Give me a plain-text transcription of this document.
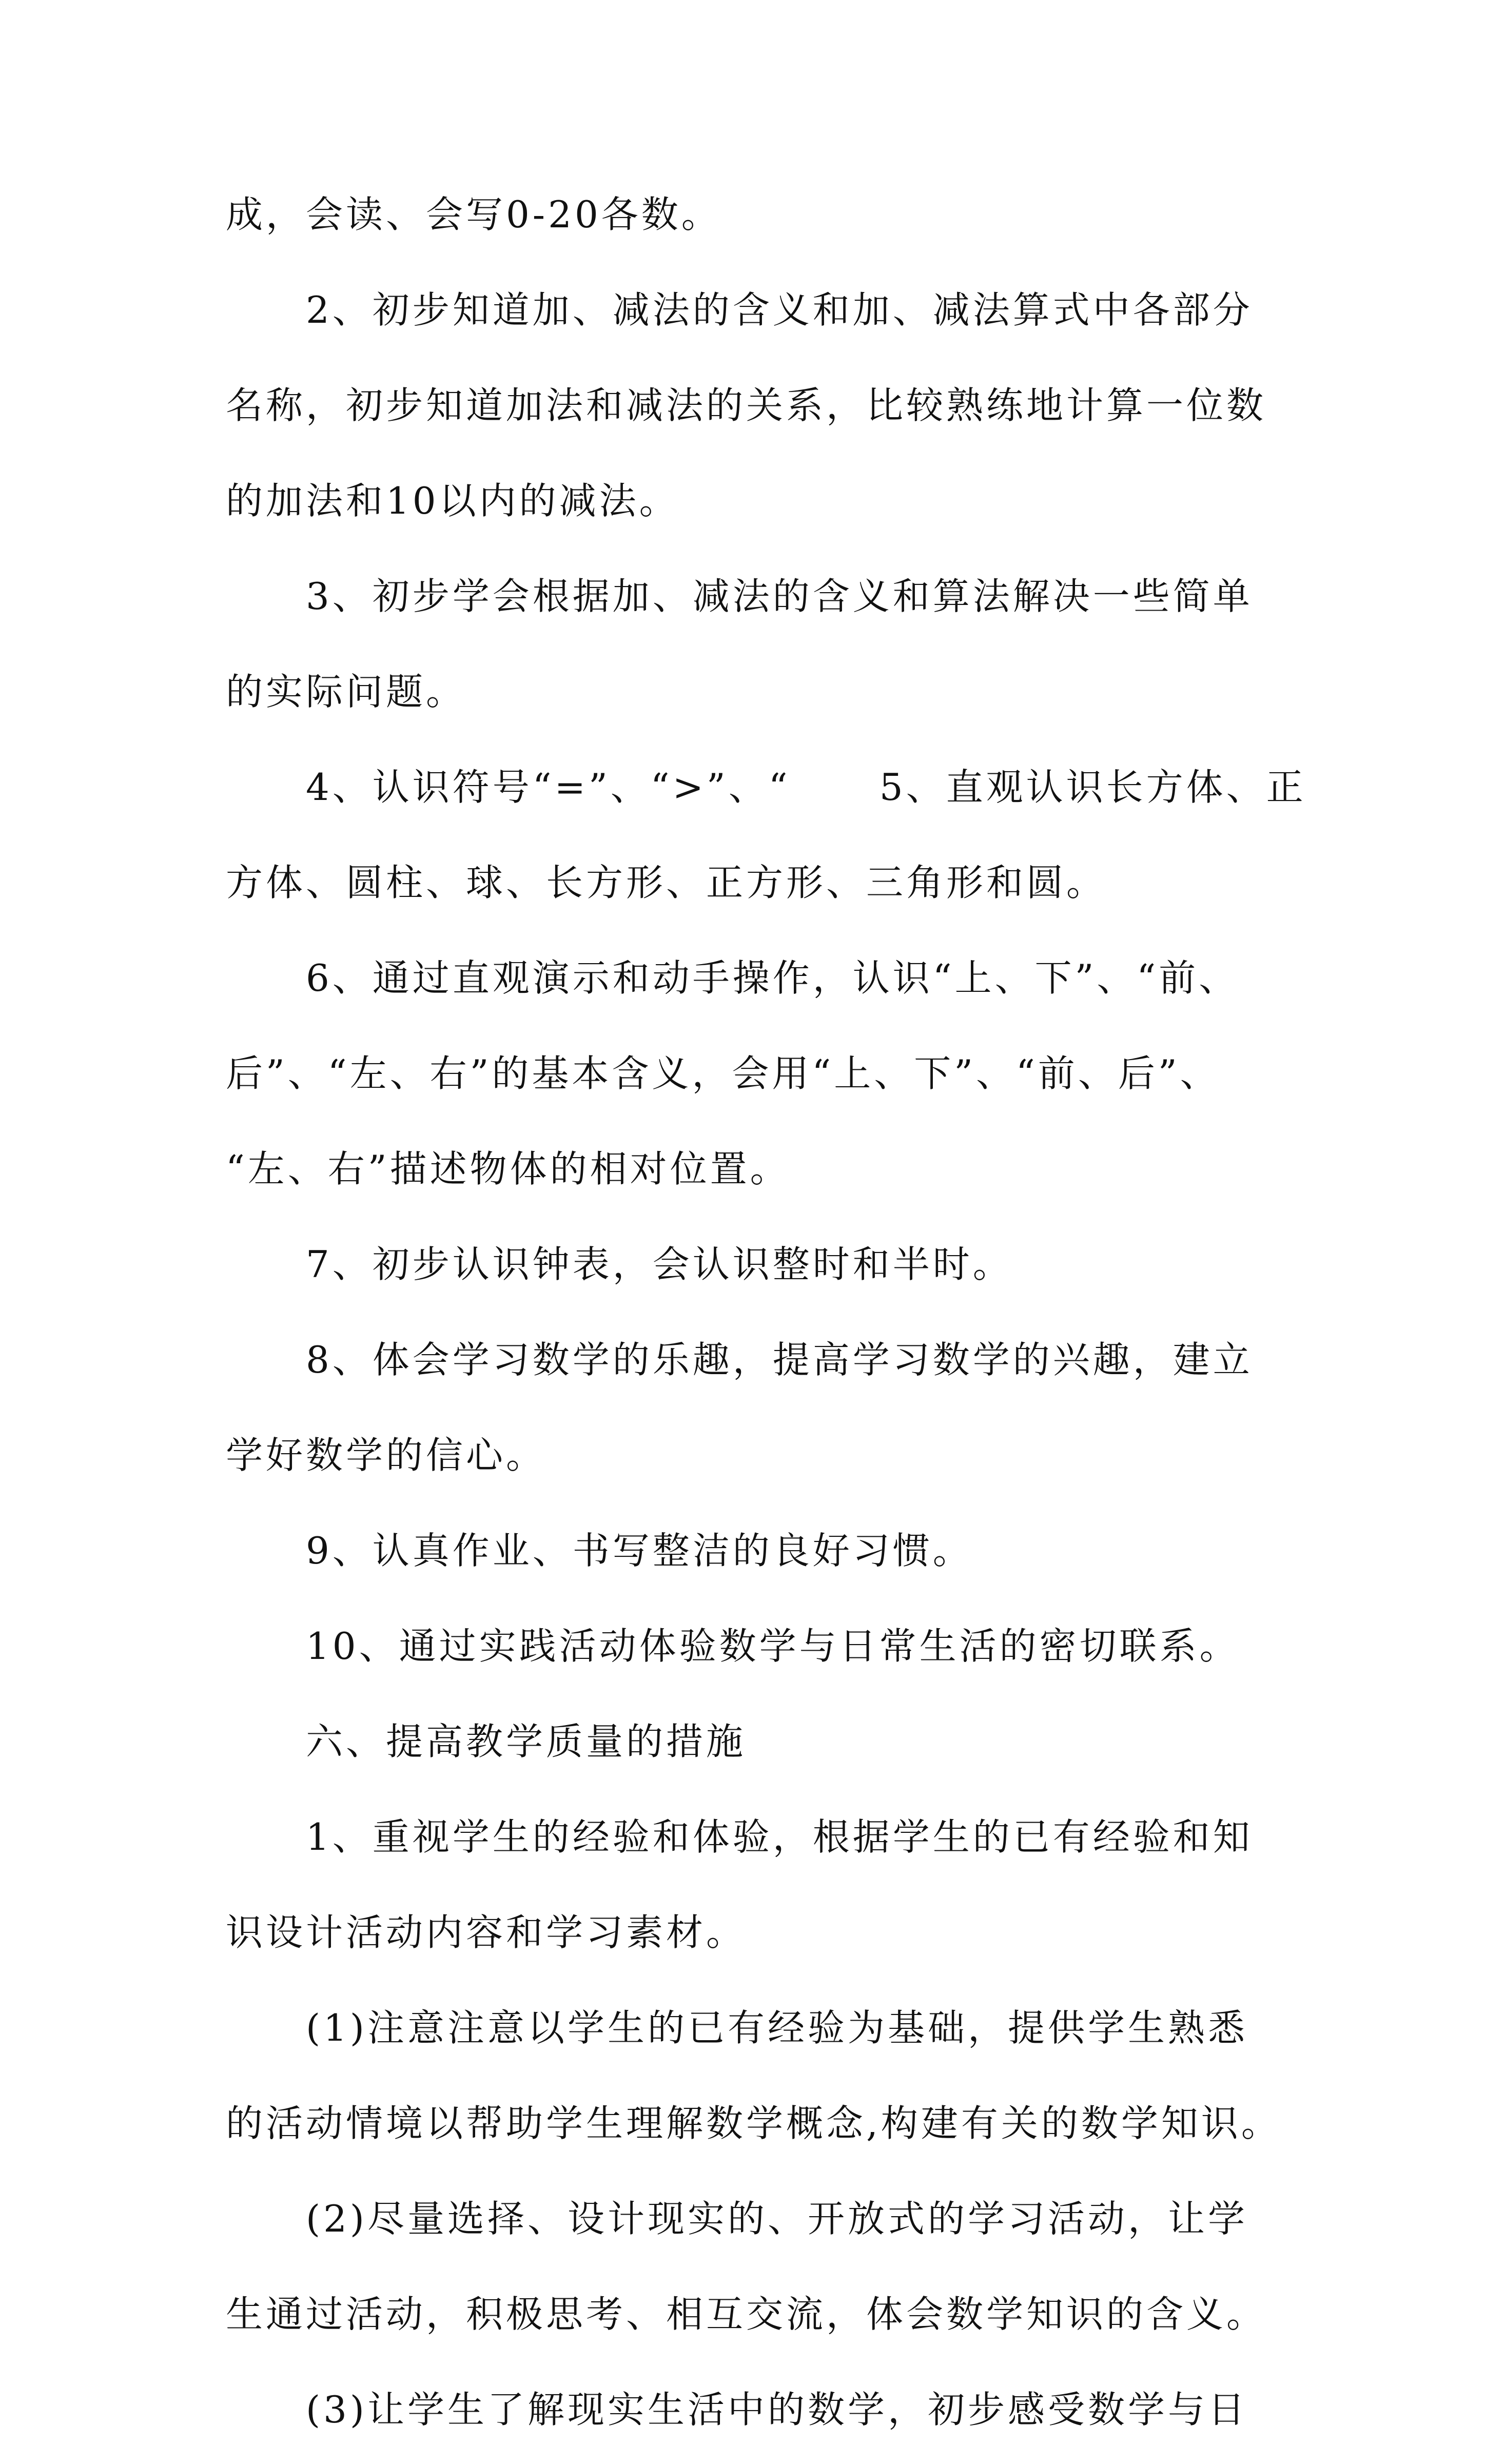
成，会读、会写0-20各数。
2、初步知道加、减法的含义和加、减法算式中各部分
名称，初步知道加法和减法的关系，比较熟练地计算一位数
的加法和10以内的减法。
3、初步学会根据加、减法的含义和算法解决一些简单
的实际问题。
4、认识符号“=”、“>”、“      5、直观认识长方体、正
方体、圆柱、球、长方形、正方形、三角形和圆。
6、通过直观演示和动手操作，认识“上、下”、“前、
后”、“左、右”的基本含义，会用“上、下”、“前、后”、
“左、右”描述物体的相对位置。
7、初步认识钟表，会认识整时和半时。
8、体会学习数学的乐趣，提高学习数学的兴趣，建立
学好数学的信心。
9、认真作业、书写整洁的良好习惯。
10、通过实践活动体验数学与日常生活的密切联系。
六、提高教学质量的措施
1、重视学生的经验和体验，根据学生的已有经验和知
识设计活动内容和学习素材。
(1)注意注意以学生的已有经验为基础，提供学生熟悉
的活动情境以帮助学生理解数学概念,构建有关的数学知识。
(2)尽量选择、设计现实的、开放式的学习活动，让学
生通过活动，积极思考、相互交流，体会数学知识的含义。
(3)让学生了解现实生活中的数学，初步感受数学与日
